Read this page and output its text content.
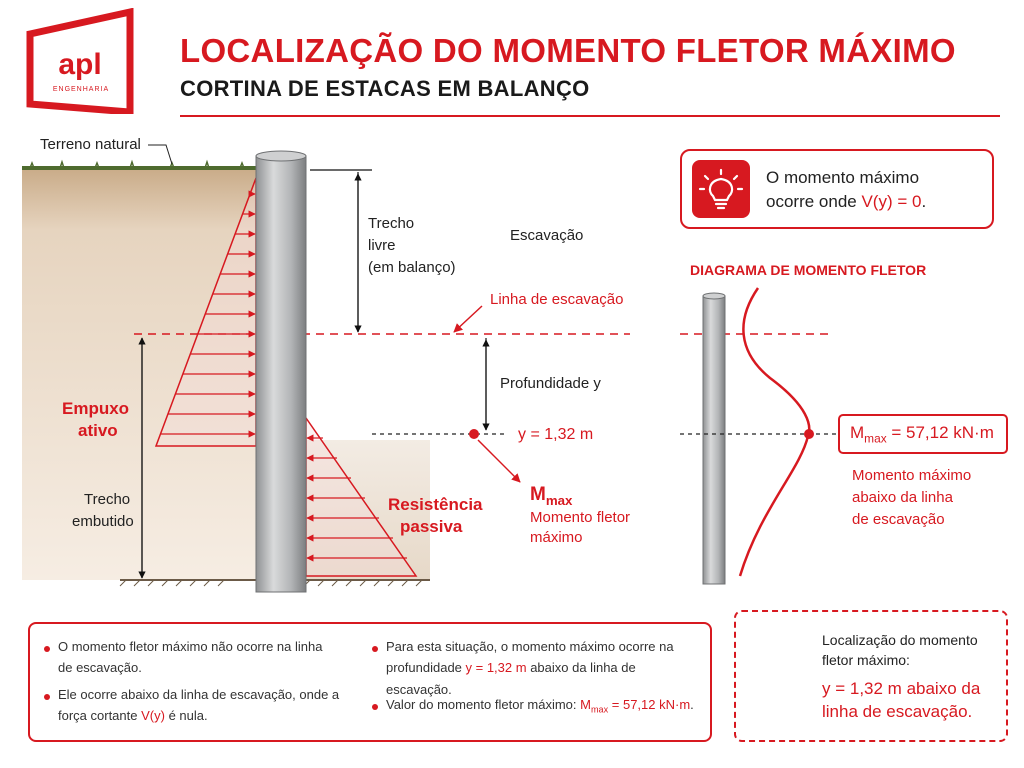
apl
ENGENHARIA
LOCALIZAÇÃO DO MOMENTO FLETOR MÁXIMO
CORTINA DE ESTACAS EM BALANÇO
Terreno natural
Trecho
livre
(em balanço)
Escavação
Linha de escavação
Profundidade y
y = 1,32 m
Empuxo
ativo
Trecho
embutido
Resistência
passiva
$M_{max}$
Momento fletor
máximo
O momento máximo
ocorre onde V(y) = 0.
DIAGRAMA DE MOMENTO FLETOR
$M_{max} = 57,12$ kN·m
Momento máximo
abaixo da linha
de escavação
O momento fletor máximo não ocorre na linha de escavação.
Ele ocorre abaixo da linha de escavação, onde a força cortante V(y) é nula.
Para esta situação, o momento máximo ocorre na profundidade y = 1,32 m abaixo da linha de escavação.
Valor do momento fletor máximo: $M_{max} = 57,12$ kN·m.
Localização do momento
fletor máximo:
y = 1,32 m abaixo da
linha de escavação.
